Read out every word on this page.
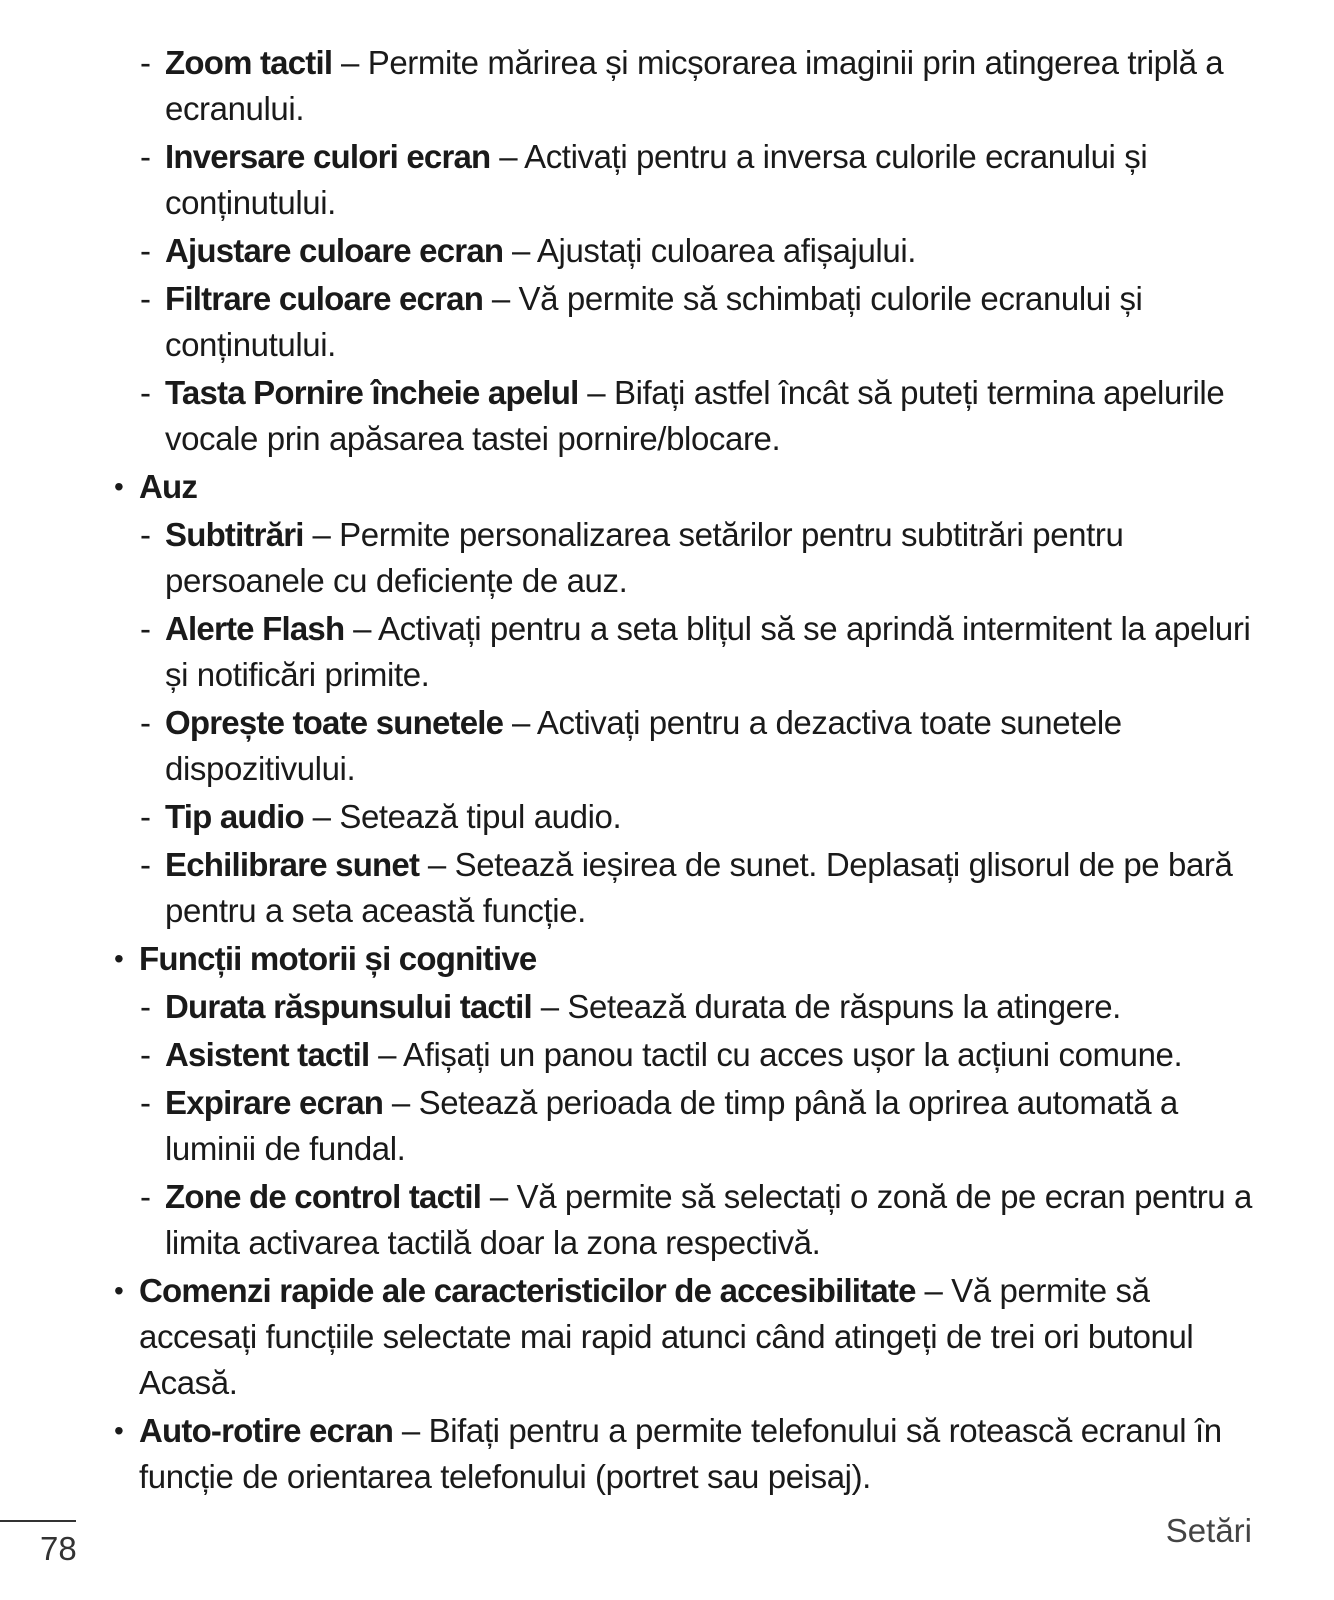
- Zoom tactil – Permite mărirea și micșorarea imaginii prin atingerea triplă a ecranului.
- Inversare culori ecran – Activați pentru a inversa culorile ecranului și conținutului.
- Ajustare culoare ecran – Ajustați culoarea afișajului.
- Filtrare culoare ecran – Vă permite să schimbați culorile ecranului și conținutului.
- Tasta Pornire încheie apelul – Bifați astfel încât să puteți termina apelurile vocale prin apăsarea tastei pornire/blocare.
• Auz
- Subtitrări – Permite personalizarea setărilor pentru subtitrări pentru persoanele cu deficiențe de auz.
- Alerte Flash – Activați pentru a seta blițul să se aprindă intermitent la apeluri și notificări primite.
- Oprește toate sunetele – Activați pentru a dezactiva toate sunetele dispozitivului.
- Tip audio – Setează tipul audio.
- Echilibrare sunet – Setează ieșirea de sunet. Deplasați glisorul de pe bară pentru a seta această funcție.
• Funcții motorii și cognitive
- Durata răspunsului tactil – Setează durata de răspuns la atingere.
- Asistent tactil – Afișați un panou tactil cu acces ușor la acțiuni comune.
- Expirare ecran – Setează perioada de timp până la oprirea automată a luminii de fundal.
- Zone de control tactil – Vă permite să selectați o zonă de pe ecran pentru a limita activarea tactilă doar la zona respectivă.
• Comenzi rapide ale caracteristicilor de accesibilitate – Vă permite să accesați funcțiile selectate mai rapid atunci când atingeți de trei ori butonul Acasă.
• Auto-rotire ecran – Bifați pentru a permite telefonului să rotească ecranul în funcție de orientarea telefonului (portret sau peisaj).
78	Setări
